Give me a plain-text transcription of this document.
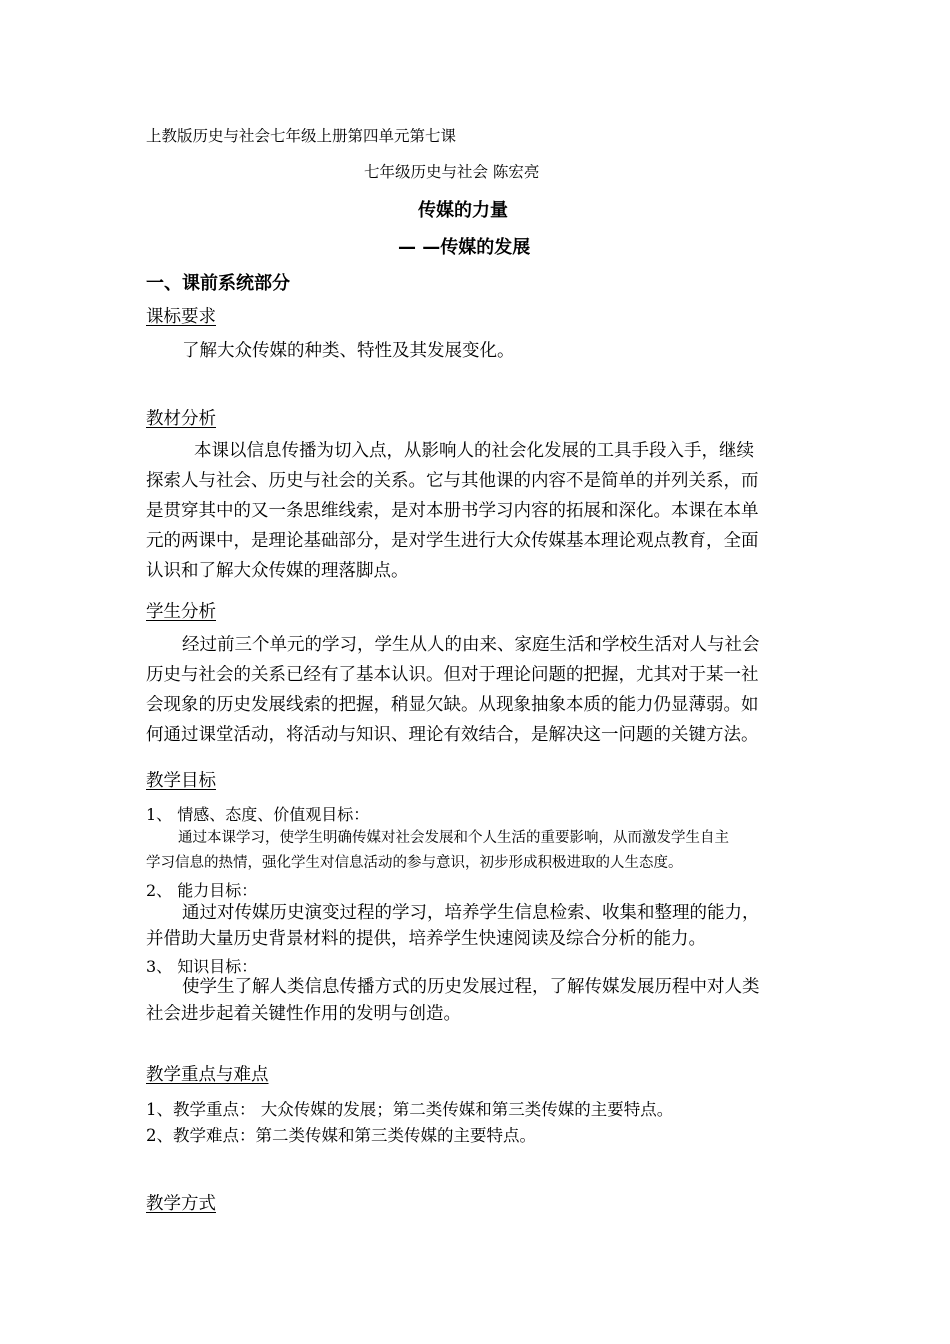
上教版历史与社会七年级上册第四单元第七课
七年级历史与社会 陈宏亮
传媒的力量
— —传媒的发展
一、课前系统部分
课标要求
了解大众传媒的种类、特性及其发展变化。
教材分析
本课以信息传播为切入点，从影响人的社会化发展的工具手段入手，继续
探索人与社会、历史与社会的关系。它与其他课的内容不是简单的并列关系，而
是贯穿其中的又一条思维线索，是对本册书学习内容的拓展和深化。本课在本单
元的两课中，是理论基础部分，是对学生进行大众传媒基本理论观点教育，全面
认识和了解大众传媒的理落脚点。
学生分析
经过前三个单元的学习，学生从人的由来、家庭生活和学校生活对人与社会
历史与社会的关系已经有了基本认识。但对于理论问题的把握，尤其对于某一社
会现象的历史发展线索的把握，稍显欠缺。从现象抽象本质的能力仍显薄弱。如
何通过课堂活动，将活动与知识、理论有效结合，是解决这一问题的关键方法。
教学目标
1、 情感、态度、价值观目标：
通过本课学习，使学生明确传媒对社会发展和个人生活的重要影响，从而激发学生自主
学习信息的热情，强化学生对信息活动的参与意识，初步形成积极进取的人生态度。
2、 能力目标：
通过对传媒历史演变过程的学习，培养学生信息检索、收集和整理的能力，
并借助大量历史背景材料的提供，培养学生快速阅读及综合分析的能力。
3、 知识目标：
使学生了解人类信息传播方式的历史发展过程，了解传媒发展历程中对人类
社会进步起着关键性作用的发明与创造。
教学重点与难点
1、教学重点： 大众传媒的发展；第二类传媒和第三类传媒的主要特点。
2、教学难点：第二类传媒和第三类传媒的主要特点。
教学方式
